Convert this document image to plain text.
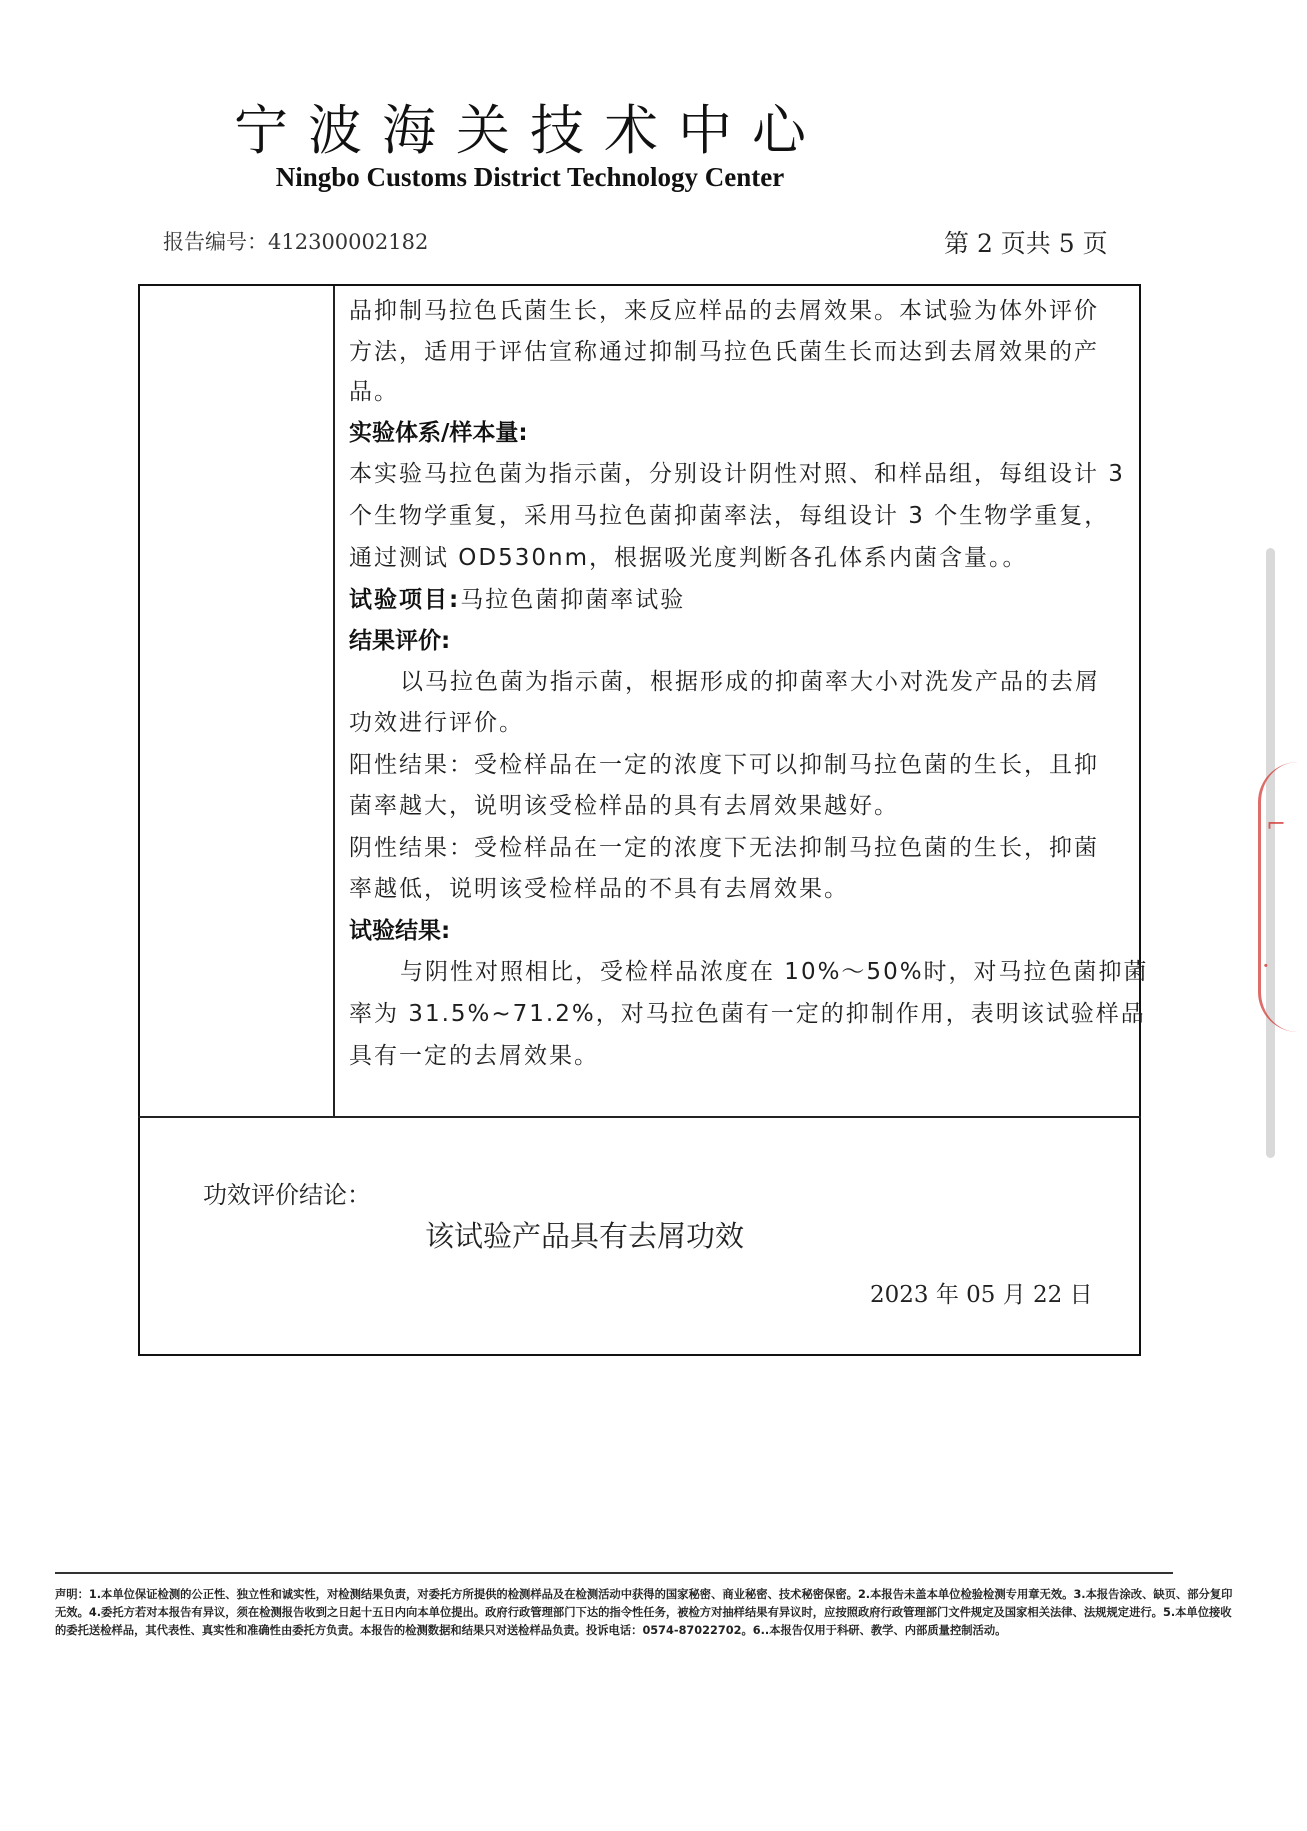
宁波海关技术中心
Ningbo Customs District Technology Center
报告编号：412300002182	第 2 页共 5 页
品抑制马拉色氏菌生长，来反应样品的去屑效果。本试验为体外评价
方法，适用于评估宣称通过抑制马拉色氏菌生长而达到去屑效果的产
品。
实验体系/样本量:
本实验马拉色菌为指示菌，分别设计阴性对照、和样品组，每组设计 3
个生物学重复，采用马拉色菌抑菌率法，每组设计 3 个生物学重复，
通过测试 OD530nm，根据吸光度判断各孔体系内菌含量。。
试验项目:马拉色菌抑菌率试验
结果评价:
以马拉色菌为指示菌，根据形成的抑菌率大小对洗发产品的去屑
功效进行评价。
阳性结果：受检样品在一定的浓度下可以抑制马拉色菌的生长，且抑
菌率越大，说明该受检样品的具有去屑效果越好。
阴性结果：受检样品在一定的浓度下无法抑制马拉色菌的生长，抑菌
率越低，说明该受检样品的不具有去屑效果。
试验结果:
与阴性对照相比，受检样品浓度在 10%～50%时，对马拉色菌抑菌
率为 31.5%~71.2%，对马拉色菌有一定的抑制作用，表明该试验样品
具有一定的去屑效果。
功效评价结论：
该试验产品具有去屑功效
2023 年 05 月 22 日
声明：1.本单位保证检测的公正性、独立性和诚实性，对检测结果负责，对委托方所提供的检测样品及在检测活动中获得的国家秘密、商业秘密、技术秘密保密。2.本报告未盖本单位检验检测专用章无效。3.本报告涂改、缺页、部分复印无效。4.委托方若对本报告有异议，须在检测报告收到之日起十五日内向本单位提出。政府行政管理部门下达的指令性任务，被检方对抽样结果有异议时，应按照政府行政管理部门文件规定及国家相关法律、法规规定进行。5.本单位接收的委托送检样品，其代表性、真实性和准确性由委托方负责。本报告的检测数据和结果只对送检样品负责。投诉电话：0574-87022702。6..本报告仅用于科研、教学、内部质量控制活动。
⌐
·
